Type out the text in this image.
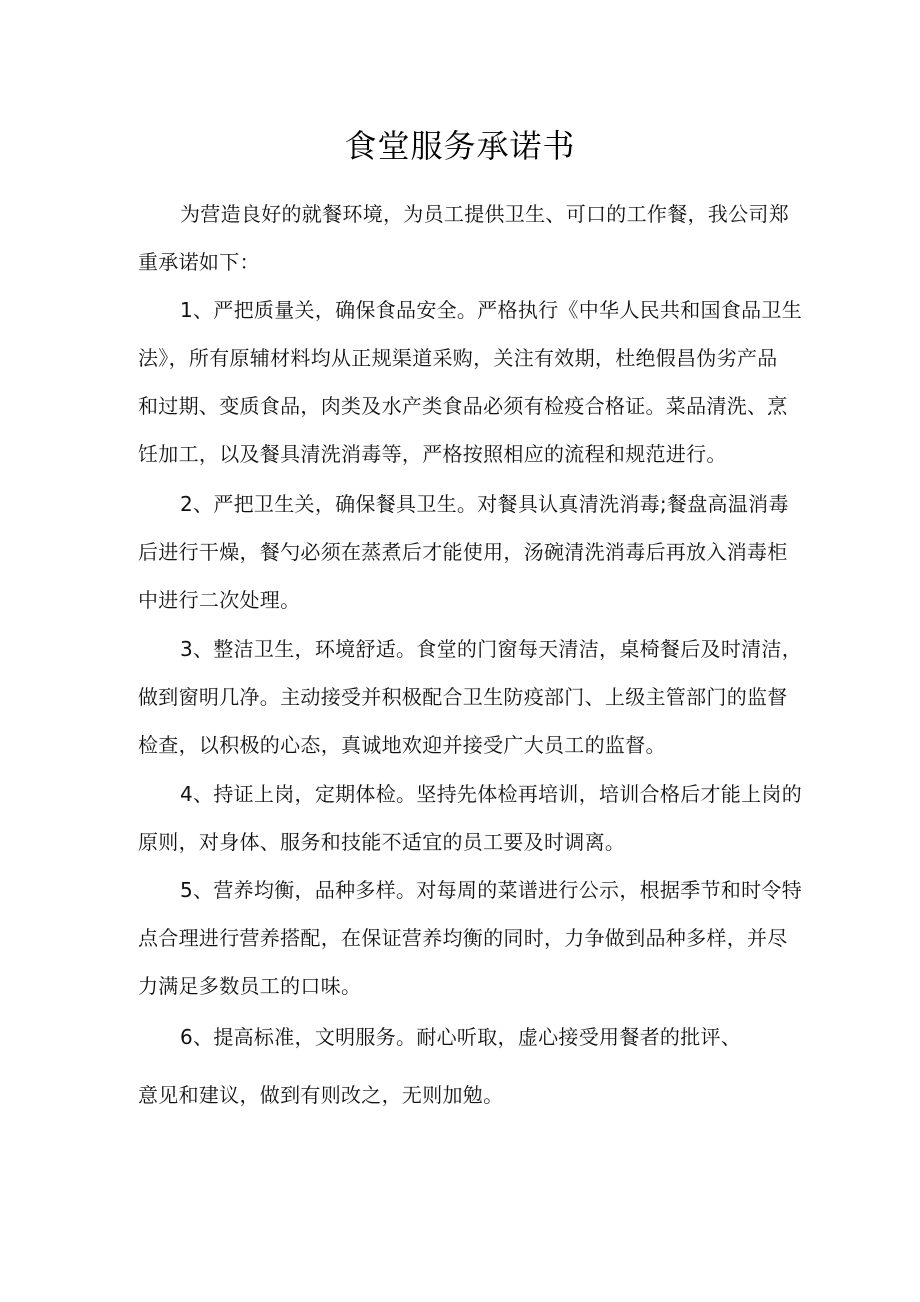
食堂服务承诺书
为营造良好的就餐环境，为员工提供卫生、可口的工作餐，我公司郑
重承诺如下：
1、严把质量关，确保食品安全。严格执行《中华人民共和国食品卫生
法》，所有原辅材料均从正规渠道采购，关注有效期，杜绝假昌伪劣产品
和过期、变质食品，肉类及水产类食品必须有检疫合格证。菜品清洗、烹
饪加工，以及餐具清洗消毒等，严格按照相应的流程和规范进行。
2、严把卫生关，确保餐具卫生。对餐具认真清洗消毒;餐盘高温消毒
后进行干燥，餐勺必须在蒸煮后才能使用，汤碗清洗消毒后再放入消毒柜
中进行二次处理。
3、整洁卫生，环境舒适。食堂的门窗每天清洁，桌椅餐后及时清洁，
做到窗明几净。主动接受并积极配合卫生防疫部门、上级主管部门的监督
检查，以积极的心态，真诚地欢迎并接受广大员工的监督。
4、持证上岗，定期体检。坚持先体检再培训，培训合格后才能上岗的
原则，对身体、服务和技能不适宜的员工要及时调离。
5、营养均衡，品种多样。对每周的菜谱进行公示，根据季节和时令特
点合理进行营养搭配，在保证营养均衡的同时，力争做到品种多样，并尽
力满足多数员工的口味。
6、提高标准，文明服务。耐心听取，虚心接受用餐者的批评、
意见和建议，做到有则改之，无则加勉。
